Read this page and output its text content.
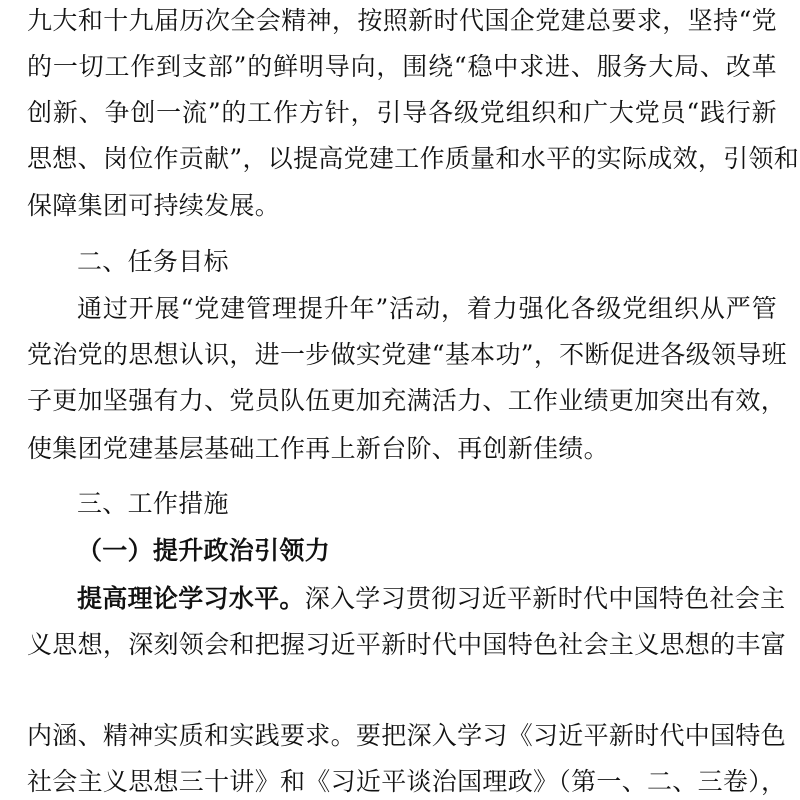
九大和十九届历次全会精神，按照新时代国企党建总要求，坚持“党
的一切工作到支部”的鲜明导向，围绕“稳中求进、服务大局、改革
创新、争创一流”的工作方针，引导各级党组织和广大党员“践行新
思想、岗位作贡献”，以提高党建工作质量和水平的实际成效，引领和
保障集团可持续发展。
二、任务目标
通过开展“党建管理提升年”活动，着力强化各级党组织从严管
党治党的思想认识，进一步做实党建“基本功”，不断促进各级领导班
子更加坚强有力、党员队伍更加充满活力、工作业绩更加突出有效，
使集团党建基层基础工作再上新台阶、再创新佳绩。
三、工作措施
（一）提升政治引领力
提高理论学习水平。深入学习贯彻习近平新时代中国特色社会主
义思想，深刻领会和把握习近平新时代中国特色社会主义思想的丰富
内涵、精神实质和实践要求。要把深入学习《习近平新时代中国特色
社会主义思想三十讲》和《习近平谈治国理政》（第一、二、三卷），
